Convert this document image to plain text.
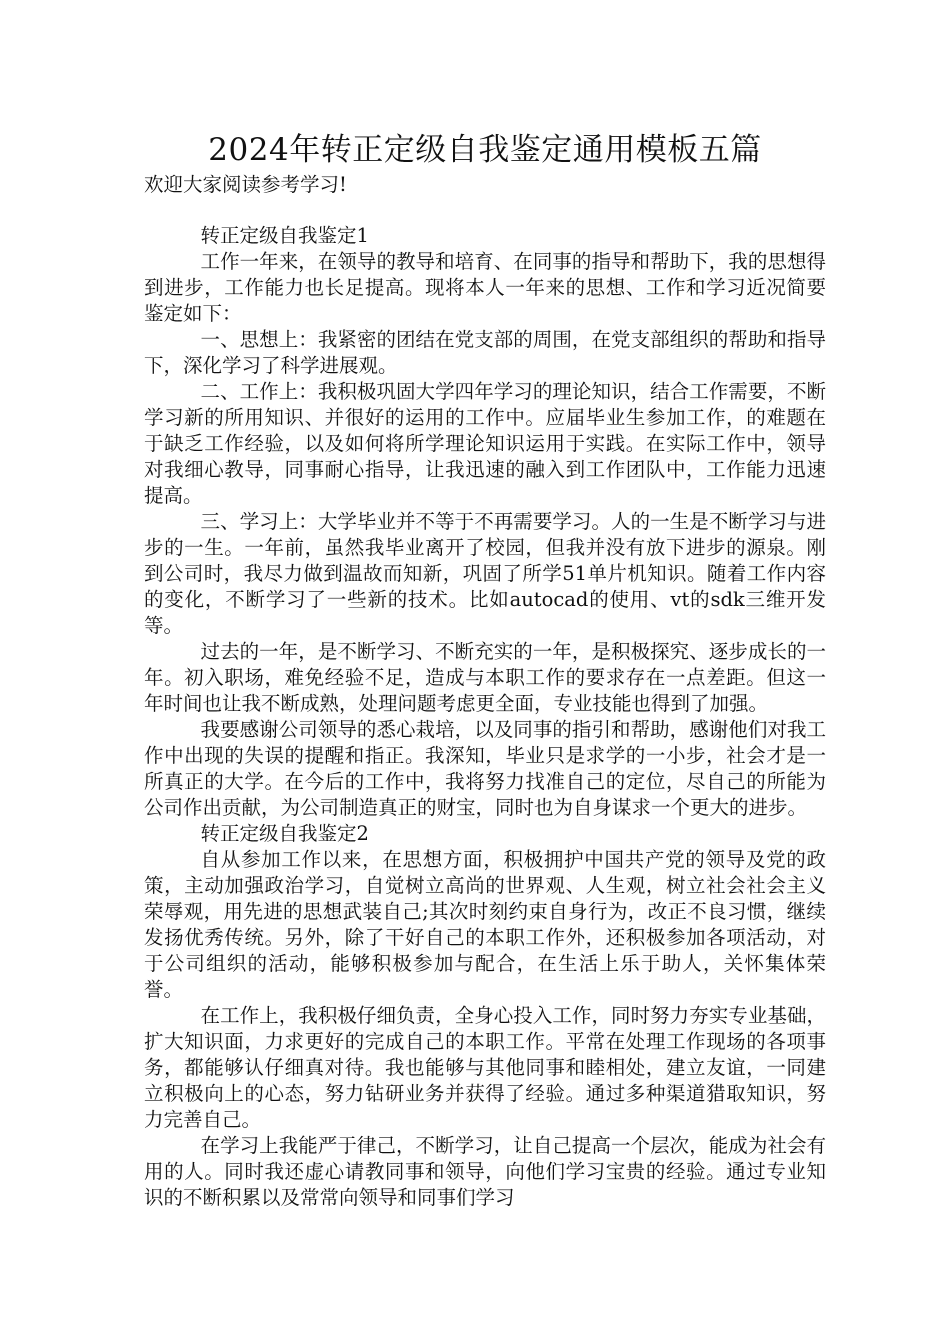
2024年转正定级自我鉴定通用模板五篇

欢迎大家阅读参考学习!

转正定级自我鉴定1

工作一年来，在领导的教导和培育、在同事的指导和帮助下，我的思想得到进步，工作能力也长足提高。现将本人一年来的思想、工作和学习近况简要鉴定如下：

一、思想上：我紧密的团结在党支部的周围，在党支部组织的帮助和指导下，深化学习了科学进展观。

二、工作上：我积极巩固大学四年学习的理论知识，结合工作需要，不断学习新的所用知识、并很好的运用的工作中。应届毕业生参加工作，的难题在于缺乏工作经验，以及如何将所学理论知识运用于实践。在实际工作中，领导对我细心教导，同事耐心指导，让我迅速的融入到工作团队中，工作能力迅速提高。

三、学习上：大学毕业并不等于不再需要学习。人的一生是不断学习与进步的一生。一年前，虽然我毕业离开了校园，但我并没有放下进步的源泉。刚到公司时，我尽力做到温故而知新，巩固了所学51单片机知识。随着工作内容的变化，不断学习了一些新的技术。比如autocad的使用、vt的sdk三维开发等。

过去的一年，是不断学习、不断充实的一年，是积极探究、逐步成长的一年。初入职场，难免经验不足，造成与本职工作的要求存在一点差距。但这一年时间也让我不断成熟，处理问题考虑更全面，专业技能也得到了加强。

我要感谢公司领导的悉心栽培，以及同事的指引和帮助，感谢他们对我工作中出现的失误的提醒和指正。我深知，毕业只是求学的一小步，社会才是一所真正的大学。在今后的工作中，我将努力找准自己的定位，尽自己的所能为公司作出贡献，为公司制造真正的财宝，同时也为自身谋求一个更大的进步。

转正定级自我鉴定2

自从参加工作以来，在思想方面，积极拥护中国共产党的领导及党的政策，主动加强政治学习，自觉树立高尚的世界观、人生观，树立社会社会主义荣辱观，用先进的思想武装自己;其次时刻约束自身行为，改正不良习惯，继续发扬优秀传统。另外，除了干好自己的本职工作外，还积极参加各项活动，对于公司组织的活动，能够积极参加与配合，在生活上乐于助人，关怀集体荣誉。

在工作上，我积极仔细负责，全身心投入工作，同时努力夯实专业基础，扩大知识面，力求更好的完成自己的本职工作。平常在处理工作现场的各项事务，都能够认仔细真对待。我也能够与其他同事和睦相处，建立友谊，一同建立积极向上的心态，努力钻研业务并获得了经验。通过多种渠道猎取知识，努力完善自己。

在学习上我能严于律己，不断学习，让自己提高一个层次，能成为社会有用的人。同时我还虚心请教同事和领导，向他们学习宝贵的经验。通过专业知识的不断积累以及常常向领导和同事们学习
